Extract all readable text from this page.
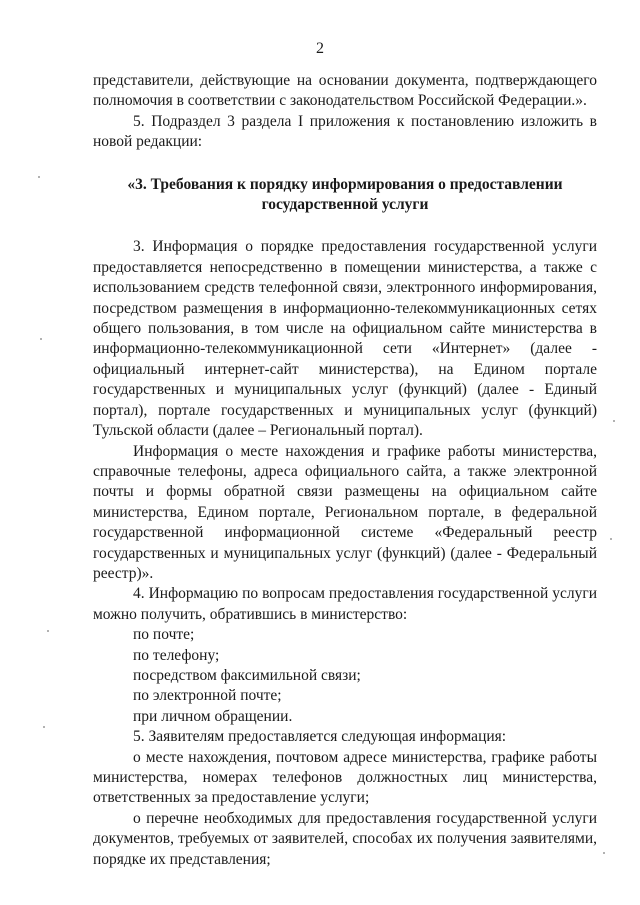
2

представители, действующие на основании документа, подтверждающего полномочия в соответствии с законодательством Российской Федерации.».

5. Подраздел 3 раздела I приложения к постановлению изложить в новой редакции:

«3. Требования к порядку информирования о предоставлении государственной услуги

3. Информация о порядке предоставления государственной услуги предоставляется непосредственно в помещении министерства, а также с использованием средств телефонной связи, электронного информирования, посредством размещения в информационно-телекоммуникационных сетях общего пользования, в том числе на официальном сайте министерства в информационно-телекоммуникационной сети «Интернет» (далее - официальный интернет-сайт министерства), на Едином портале государственных и муниципальных услуг (функций) (далее - Единый портал), портале государственных и муниципальных услуг (функций) Тульской области (далее – Региональный портал).

Информация о месте нахождения и графике работы министерства, справочные телефоны, адреса официального сайта, а также электронной почты и формы обратной связи размещены на официальном сайте министерства, Едином портале, Региональном портале, в федеральной государственной информационной системе «Федеральный реестр государственных и муниципальных услуг (функций) (далее - Федеральный реестр)».

4. Информацию по вопросам предоставления государственной услуги можно получить, обратившись в министерство:

по почте;

по телефону;

посредством факсимильной связи;

по электронной почте;

при личном обращении.

5. Заявителям предоставляется следующая информация:

о месте нахождения, почтовом адресе министерства, графике работы министерства, номерах телефонов должностных лиц министерства, ответственных за предоставление услуги;

о перечне необходимых для предоставления государственной услуги документов, требуемых от заявителей, способах их получения заявителями, порядке их представления;
